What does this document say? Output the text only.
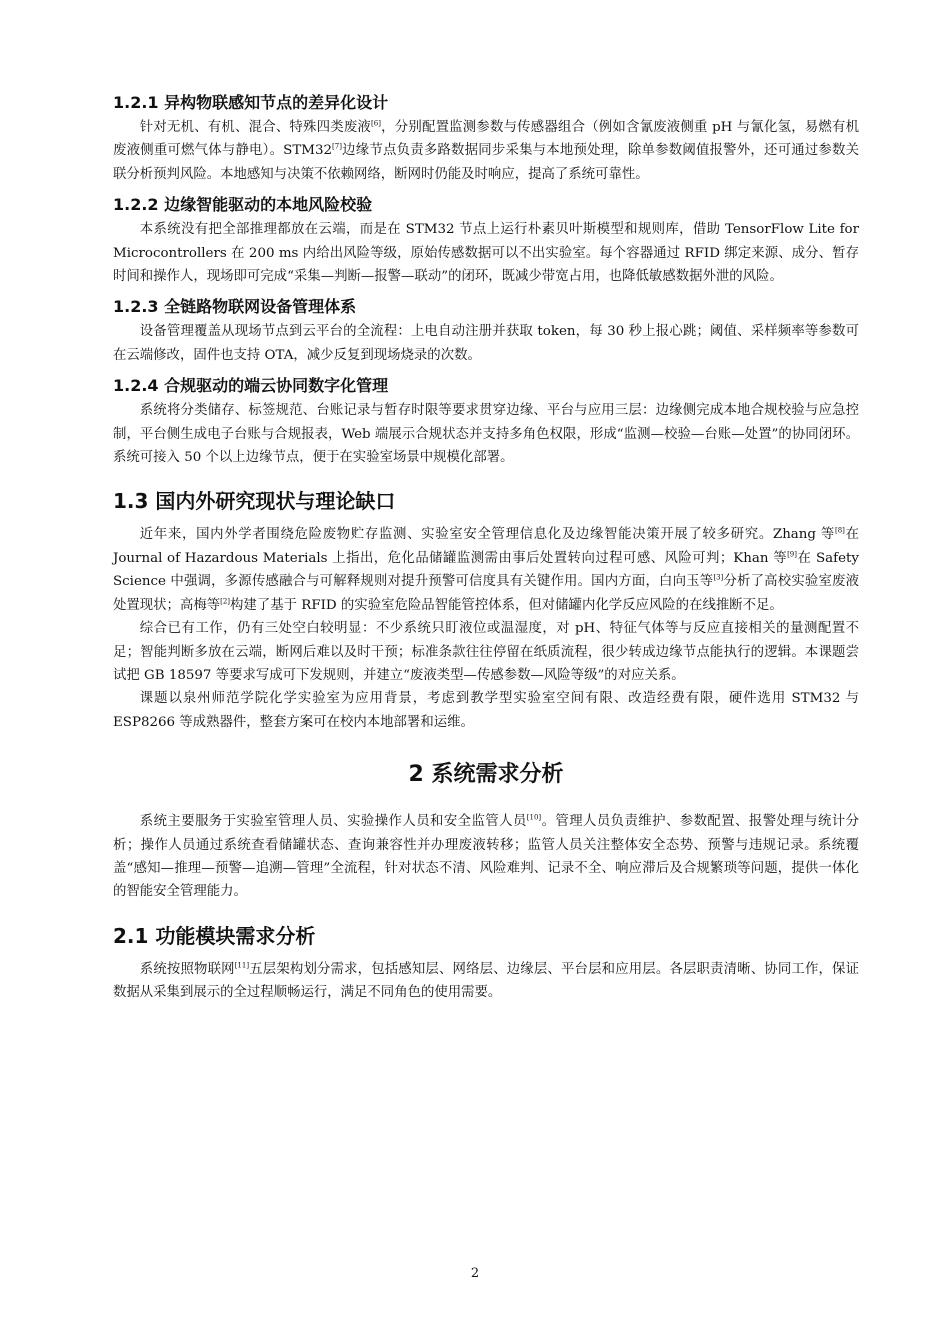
1.2.1 异构物联感知节点的差异化设计

针对无机、有机、混合、特殊四类废液[6]，分别配置监测参数与传感器组合（例如含氰废液侧重 pH 与氰化氢，易燃有机废液侧重可燃气体与静电）。STM32[7]边缘节点负责多路数据同步采集与本地预处理，除单参数阈值报警外，还可通过参数关联分析预判风险。本地感知与决策不依赖网络，断网时仍能及时响应，提高了系统可靠性。

1.2.2 边缘智能驱动的本地风险校验

本系统没有把全部推理都放在云端，而是在 STM32 节点上运行朴素贝叶斯模型和规则库，借助 TensorFlow Lite for Microcontrollers 在 200 ms 内给出风险等级，原始传感数据可以不出实验室。每个容器通过 RFID 绑定来源、成分、暂存时间和操作人，现场即可完成“采集—判断—报警—联动”的闭环，既减少带宽占用，也降低敏感数据外泄的风险。

1.2.3 全链路物联网设备管理体系

设备管理覆盖从现场节点到云平台的全流程：上电自动注册并获取 token，每 30 秒上报心跳；阈值、采样频率等参数可在云端修改，固件也支持 OTA，减少反复到现场烧录的次数。

1.2.4 合规驱动的端云协同数字化管理

系统将分类储存、标签规范、台账记录与暂存时限等要求贯穿边缘、平台与应用三层：边缘侧完成本地合规校验与应急控制，平台侧生成电子台账与合规报表，Web 端展示合规状态并支持多角色权限，形成“监测—校验—台账—处置”的协同闭环。系统可接入 50 个以上边缘节点，便于在实验室场景中规模化部署。

1.3 国内外研究现状与理论缺口

近年来，国内外学者围绕危险废物贮存监测、实验室安全管理信息化及边缘智能决策开展了较多研究。Zhang 等[8]在 Journal of Hazardous Materials 上指出，危化品储罐监测需由事后处置转向过程可感、风险可判；Khan 等[9]在 Safety Science 中强调，多源传感融合与可解释规则对提升预警可信度具有关键作用。国内方面，白向玉等[3]分析了高校实验室废液处置现状；高梅等[2]构建了基于 RFID 的实验室危险品智能管控体系，但对储罐内化学反应风险的在线推断不足。

综合已有工作，仍有三处空白较明显：不少系统只盯液位或温湿度，对 pH、特征气体等与反应直接相关的量测配置不足；智能判断多放在云端，断网后难以及时干预；标准条款往往停留在纸质流程，很少转成边缘节点能执行的逻辑。本课题尝试把 GB 18597 等要求写成可下发规则，并建立“废液类型—传感参数—风险等级”的对应关系。

课题以泉州师范学院化学实验室为应用背景，考虑到教学型实验室空间有限、改造经费有限，硬件选用 STM32 与 ESP8266 等成熟器件，整套方案可在校内本地部署和运维。

2 系统需求分析

系统主要服务于实验室管理人员、实验操作人员和安全监管人员[10]。管理人员负责维护、参数配置、报警处理与统计分析；操作人员通过系统查看储罐状态、查询兼容性并办理废液转移；监管人员关注整体安全态势、预警与违规记录。系统覆盖“感知—推理—预警—追溯—管理”全流程，针对状态不清、风险难判、记录不全、响应滞后及合规繁琐等问题，提供一体化的智能安全管理能力。

2.1 功能模块需求分析

系统按照物联网[11]五层架构划分需求，包括感知层、网络层、边缘层、平台层和应用层。各层职责清晰、协同工作，保证数据从采集到展示的全过程顺畅运行，满足不同角色的使用需要。

2
